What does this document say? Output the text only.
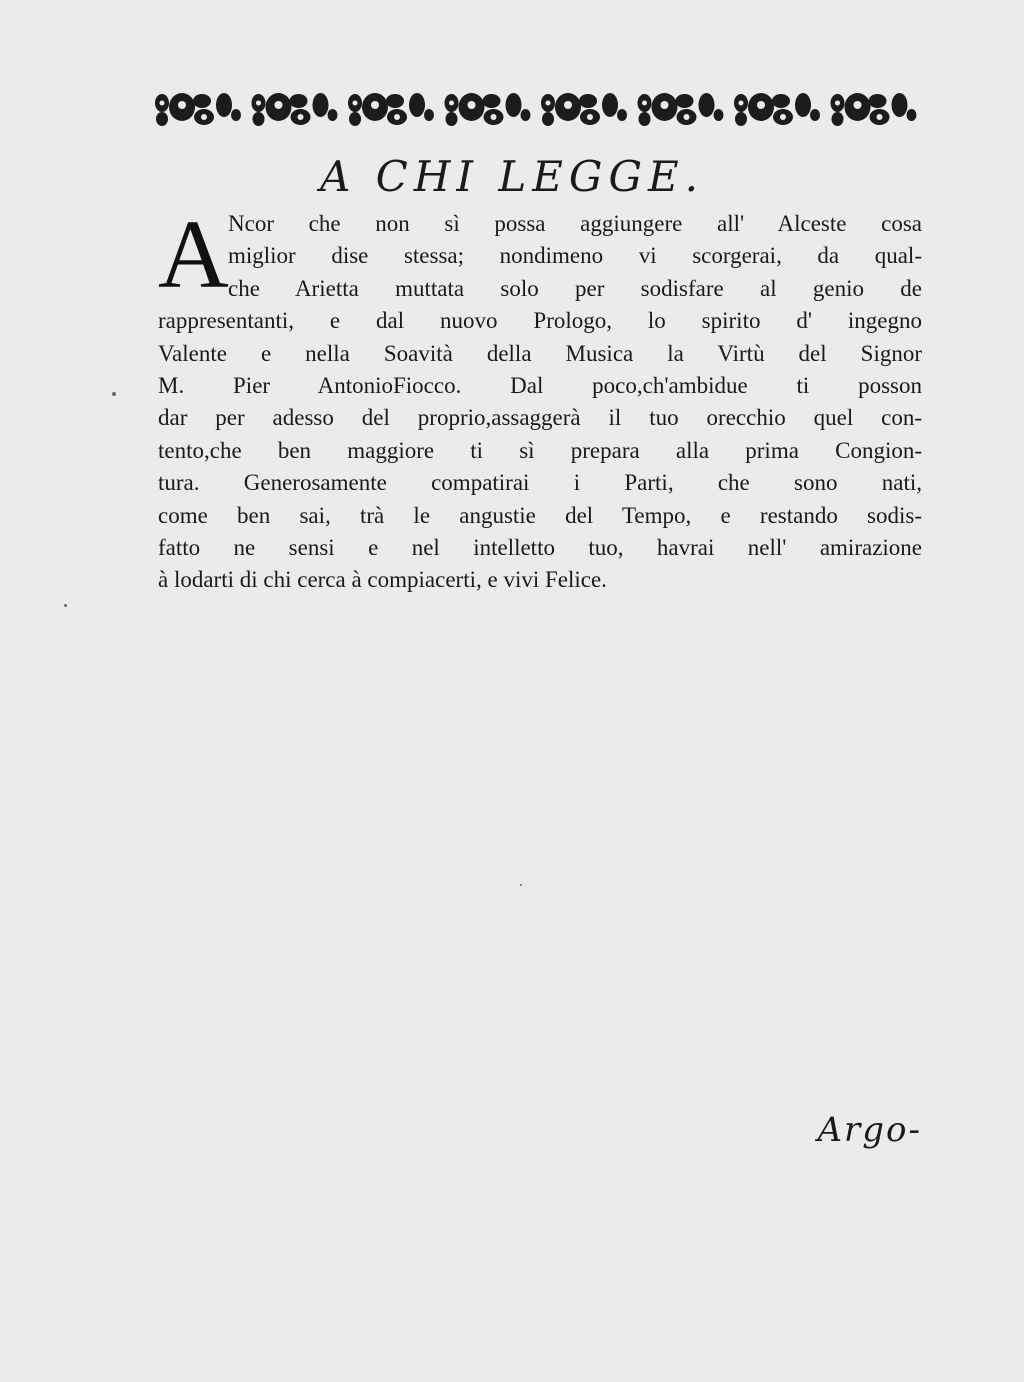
A CHI LEGGE.
A Ncor che non sì possa aggiungere all' Alceste cosa
miglior dise stessa; nondimeno vi scorgerai, da qual-
che Arietta muttata solo per sodisfare al genio de
rappresentanti, e dal nuovo Prologo, lo spirito d' ingegno
Valente e nella Soavità della Musica la Virtù del Signor
M. Pier AntonioFiocco. Dal poco,ch'ambidue ti posson
dar per adesso del proprio,assaggerà il tuo orecchio quel con-
tento,che ben maggiore ti sì prepara alla prima Congion-
tura. Generosamente compatirai i Parti, che sono nati,
come ben sai, trà le angustie del Tempo, e restando sodis-
fatto ne sensi e nel intelletto tuo, havrai nell' amirazione
à lodarti di chi cerca à compiacerti, e vivi Felice.
Argo-
